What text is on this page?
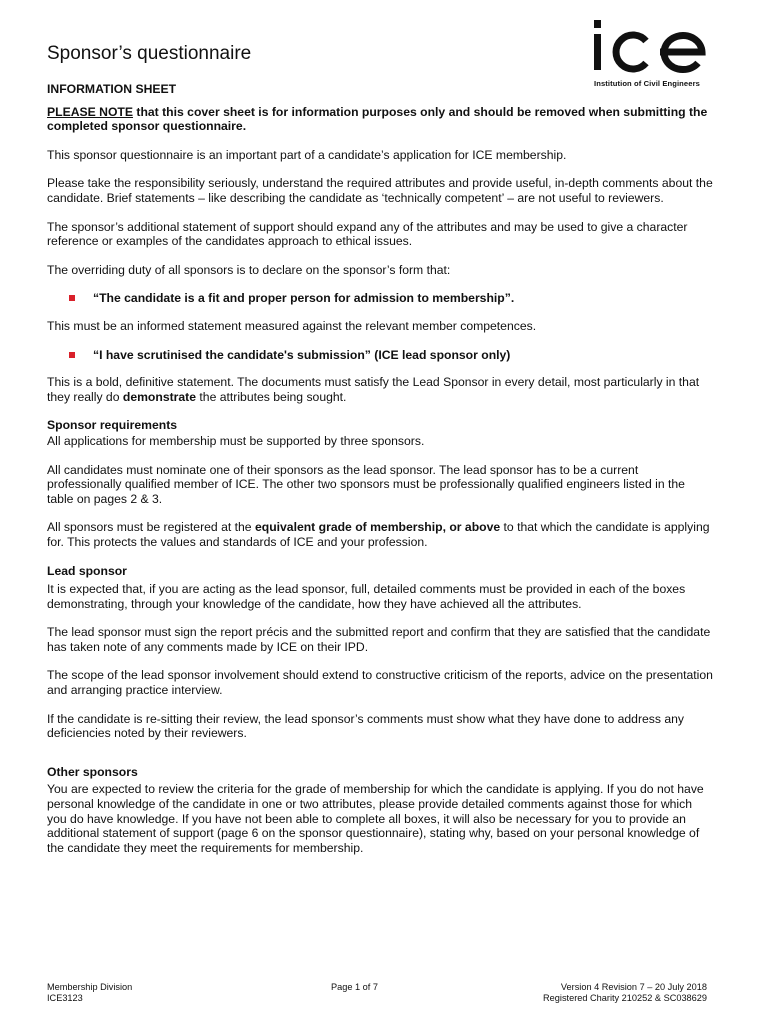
Sponsor’s questionnaire
Institution of Civil Engineers

INFORMATION SHEET

PLEASE NOTE that this cover sheet is for information purposes only and should be removed when submitting the completed sponsor questionnaire.

This sponsor questionnaire is an important part of a candidate’s application for ICE membership.

Please take the responsibility seriously, understand the required attributes and provide useful, in-depth comments about the candidate. Brief statements – like describing the candidate as ‘technically competent’ – are not useful to reviewers.

The sponsor’s additional statement of support should expand any of the attributes and may be used to give a character reference or examples of the candidates approach to ethical issues.

The overriding duty of all sponsors is to declare on the sponsor’s form that:

“The candidate is a fit and proper person for admission to membership”.

This must be an informed statement measured against the relevant member competences.

“I have scrutinised the candidate's submission” (ICE lead sponsor only)

This is a bold, definitive statement. The documents must satisfy the Lead Sponsor in every detail, most particularly in that they really do demonstrate the attributes being sought.

Sponsor requirements

All applications for membership must be supported by three sponsors.

All candidates must nominate one of their sponsors as the lead sponsor. The lead sponsor has to be a current professionally qualified member of ICE. The other two sponsors must be professionally qualified engineers listed in the table on pages 2 & 3.

All sponsors must be registered at the equivalent grade of membership, or above to that which the candidate is applying for. This protects the values and standards of ICE and your profession.

Lead sponsor

It is expected that, if you are acting as the lead sponsor, full, detailed comments must be provided in each of the boxes demonstrating, through your knowledge of the candidate, how they have achieved all the attributes.

The lead sponsor must sign the report précis and the submitted report and confirm that they are satisfied that the candidate has taken note of any comments made by ICE on their IPD.

The scope of the lead sponsor involvement should extend to constructive criticism of the reports, advice on the presentation and arranging practice interview.

If the candidate is re-sitting their review, the lead sponsor’s comments must show what they have done to address any deficiencies noted by their reviewers.

Other sponsors

You are expected to review the criteria for the grade of membership for which the candidate is applying. If you do not have personal knowledge of the candidate in one or two attributes, please provide detailed comments against those for which you do have knowledge. If you have not been able to complete all boxes, it will also be necessary for you to provide an additional statement of support (page 6 on the sponsor questionnaire), stating why, based on your personal knowledge of the candidate they meet the requirements for membership.

Membership Division
ICE3123
Page 1 of 7	Version 4 Revision 7 – 20 July 2018
Registered Charity 210252 & SC038629
